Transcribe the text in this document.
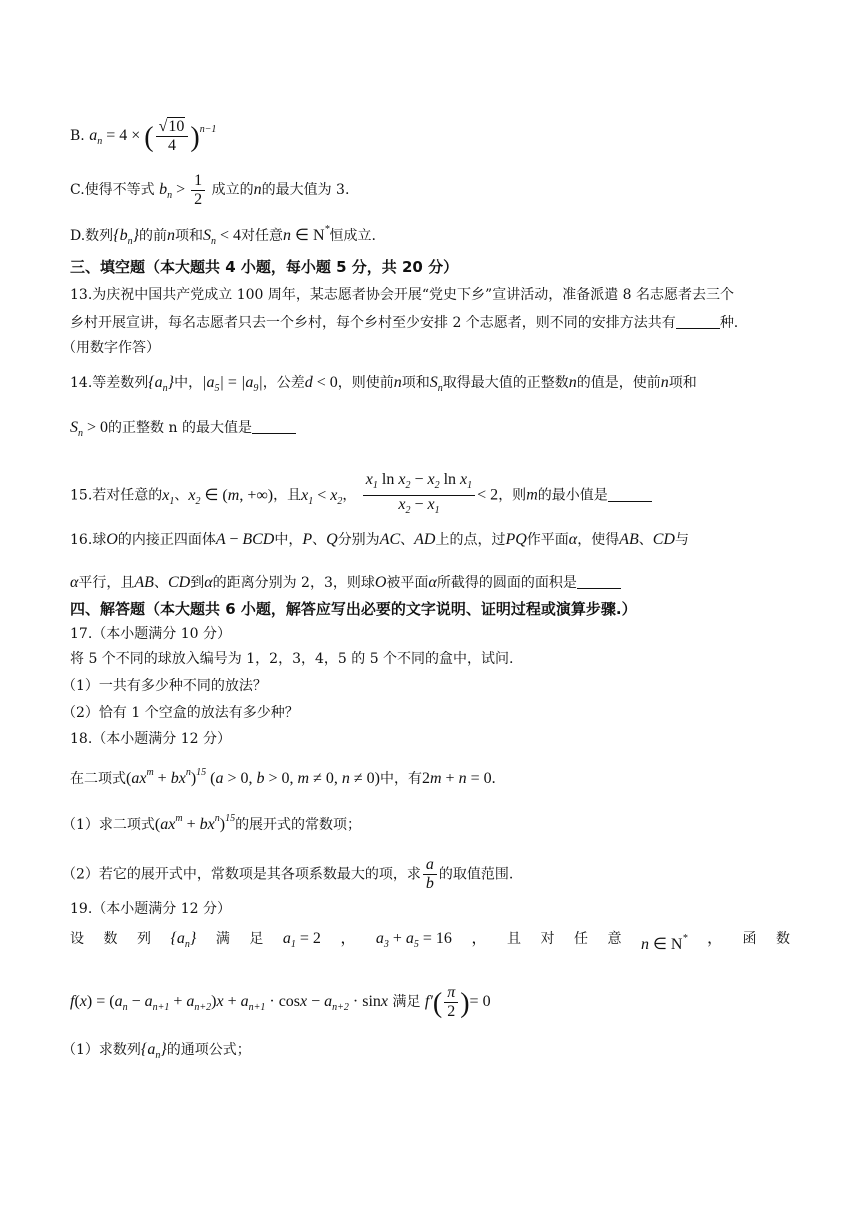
B. $a_n = 4$ × ( $\frac{√10}{4} )^{n-1}$
C.使得不等式 $b_n > \frac{1}{2}$ 成立的n的最大值为 3.
D.数列$\{b_n\}$的前n项和$S_n < 4$对任意n ∈ N*恒成立.
三、填空题（本大题共 4 小题，每小题 5 分，共 20 分）
13.为庆祝中国共产党成立 100 周年，某志愿者协会开展“党史下乡”宣讲活动，准备派遣 8 名志愿者去三个
乡村开展宣讲，每名志愿者只去一个乡村，每个乡村至少安排 2 个志愿者，则不同的安排方法共有	种.
（用数字作答）
14.等差数列$\{a_n\}$中，$|a_5| = |a_9|$，公差d < 0，则使前n项和$S_n$取得最大值的正整数n的值是，使前n项和
$S_n > 0$的正整数 n 的最大值是
15.若对任意的$x_1$、$x_2$ ∈ (m, +∞)，且$x_1 < x_2$， $\frac{x_1 \ln x_2 - x_2 \ln x_1}{x_2 - x_1} < 2$，则m的最小值是
16.球O的内接正四面体A − BCD中，P、Q分别为AC、AD上的点，过PQ作平面α，使得AB、CD与
α平行，且AB、CD到α的距离分别为 2，3，则球O被平面α所截得的圆面的面积是
四、解答题（本大题共 6 小题，解答应写出必要的文字说明、证明过程或演算步骤.）
17.（本小题满分 10 分）
将 5 个不同的球放入编号为 1，2，3，4，5 的 5 个不同的盒中，试问.
（1）一共有多少种不同的放法？
（2）恰有 1 个空盒的放法有多少种？
18.（本小题满分 12 分）
在二项式$(ax^m + bx^n)^{15}$ (a > 0, b > 0, m ≠ 0, n ≠ 0)中，有2m + n = 0.
（1）求二项式$(ax^m + bx^n)^{15}$的展开式的常数项；
（2）若它的展开式中，常数项是其各项系数最大的项，求 $\frac{a}{b}$ 的取值范围.
19.（本小题满分 12 分）
设 数 列 $\{a_n\}$ 满 足 $a_1 = 2$ ， $a_3 + a_5 = 16$ ， 且 对 任 意 n ∈ N* ， 函 数
$f(x) = (a_n - a_{n+1} + a_{n+2})x + a_{n+1} \cdot \cos x - a_{n+2} \cdot \sin x$ 满足 $f'( \frac{\pi}{2}$ )= 0
（1）求数列$\{a_n\}$的通项公式；
